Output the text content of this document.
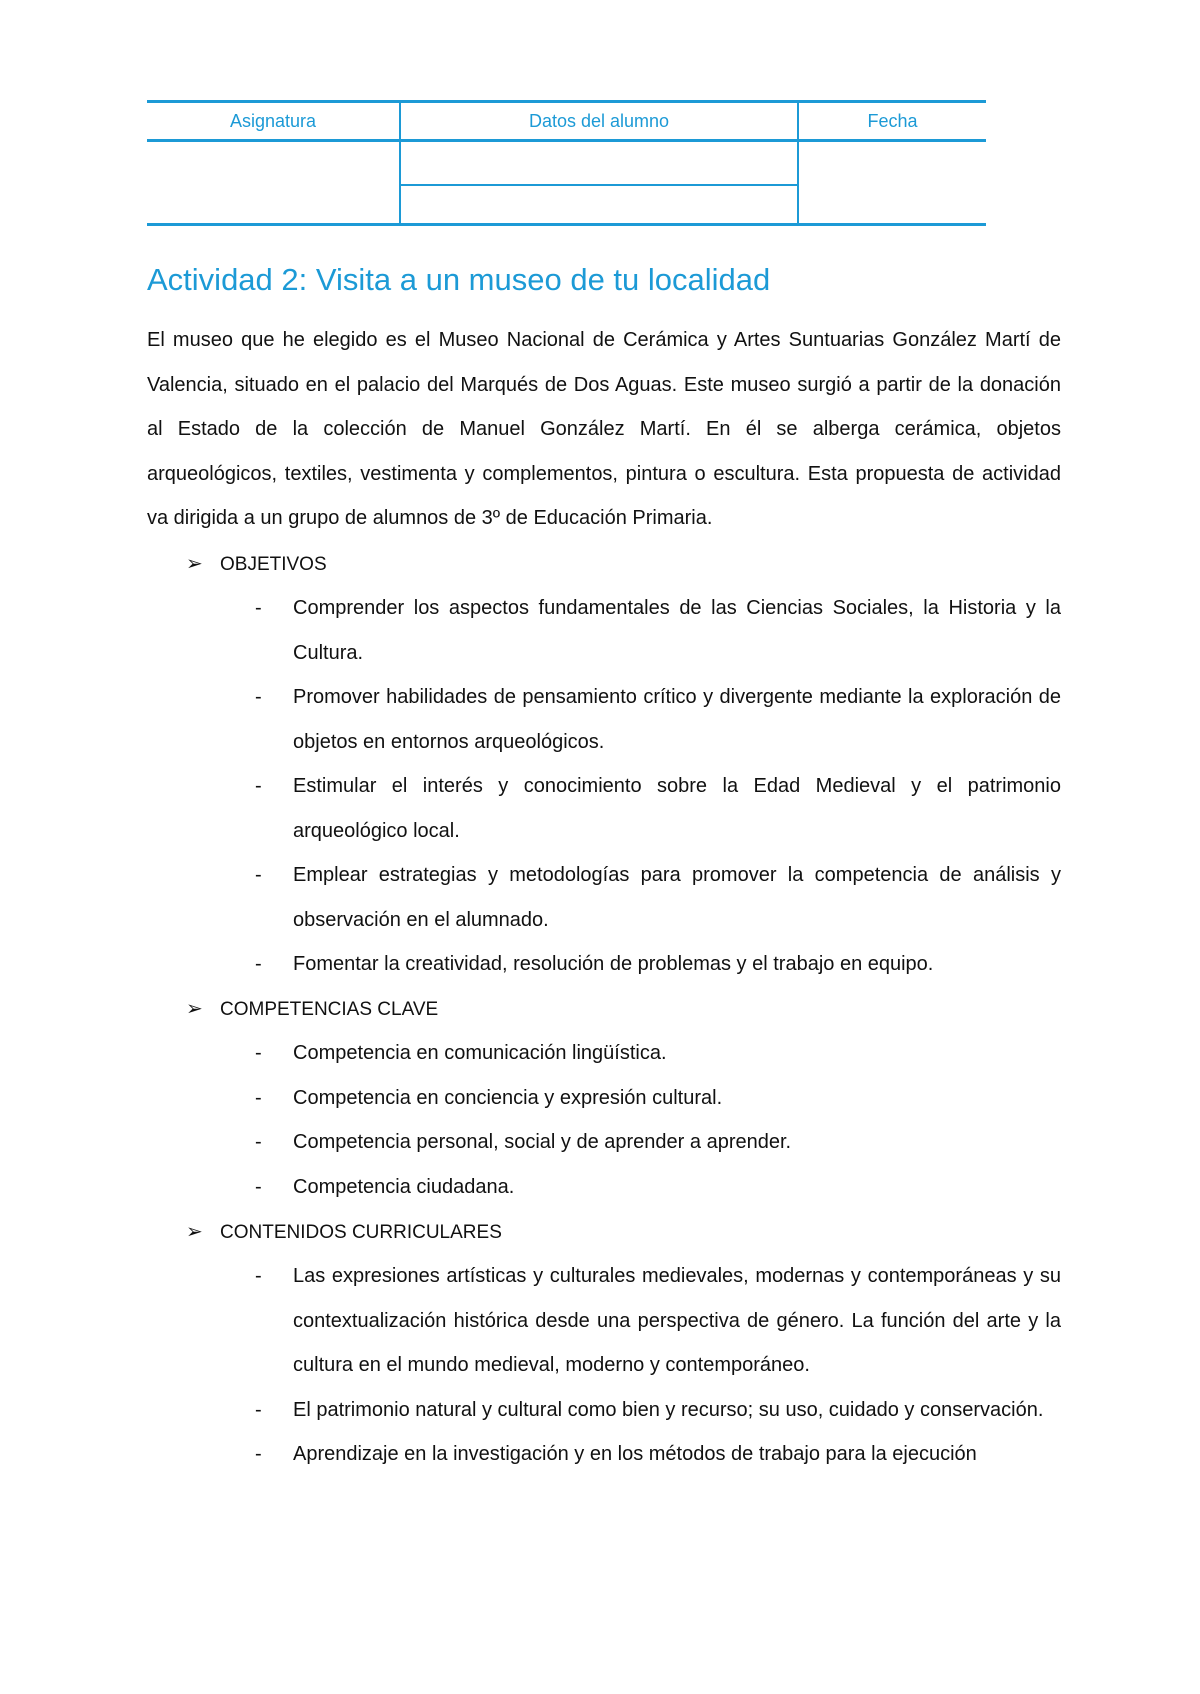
Asignatura	Datos del alumno	Fecha
Actividad 2: Visita a un museo de tu localidad
El museo que he elegido es el Museo Nacional de Cerámica y Artes Suntuarias González Martí de Valencia, situado en el palacio del Marqués de Dos Aguas. Este museo surgió a partir de la donación al Estado de la colección de Manuel González Martí. En él se alberga cerámica, objetos arqueológicos, textiles, vestimenta y complementos, pintura o escultura. Esta propuesta de actividad va dirigida a un grupo de alumnos de 3º de Educación Primaria.
➢ OBJETIVOS
- Comprender los aspectos fundamentales de las Ciencias Sociales, la Historia y la Cultura.
- Promover habilidades de pensamiento crítico y divergente mediante la exploración de objetos en entornos arqueológicos.
- Estimular el interés y conocimiento sobre la Edad Medieval y el patrimonio arqueológico local.
- Emplear estrategias y metodologías para promover la competencia de análisis y observación en el alumnado.
- Fomentar la creatividad, resolución de problemas y el trabajo en equipo.
➢ COMPETENCIAS CLAVE
- Competencia en comunicación lingüística.
- Competencia en conciencia y expresión cultural.
- Competencia personal, social y de aprender a aprender.
- Competencia ciudadana.
➢ CONTENIDOS CURRICULARES
- Las expresiones artísticas y culturales medievales, modernas y contemporáneas y su contextualización histórica desde una perspectiva de género. La función del arte y la cultura en el mundo medieval, moderno y contemporáneo.
- El patrimonio natural y cultural como bien y recurso; su uso, cuidado y conservación.
- Aprendizaje en la investigación y en los métodos de trabajo para la ejecución
